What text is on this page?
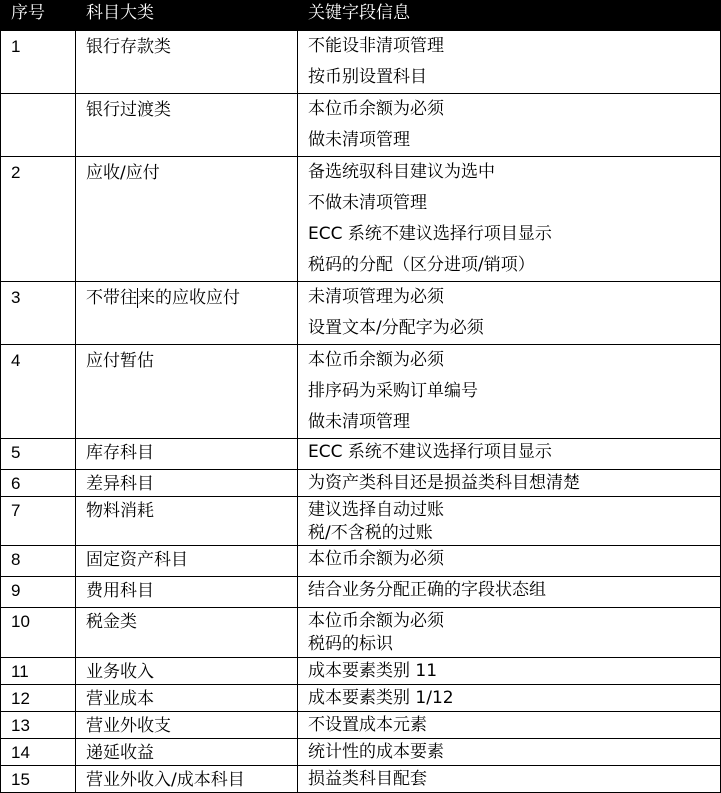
序号	科目大类	关键字段信息
1	银行存款类	不能设非清项管理
按币别设置科目

	银行过渡类	本位币余额为必须
做未清项管理

2	应收/应付	备选统驭科目建议为选中
不做未清项管理
ECC 系统不建议选择行项目显示
税码的分配（区分进项/销项）

3	不带往来的应收应付	未清项管理为必须
设置文本/分配字为必须

4	应付暂估	本位币余额为必须
排序码为采购订单编号
做未清项管理

5	库存科目	ECC 系统不建议选择行项目显示

6	差异科目	为资产类科目还是损益类科目想清楚

7	物料消耗	建议选择自动过账
税/不含税的过账

8	固定资产科目	本位币余额为必须

9	费用科目	结合业务分配正确的字段状态组

10	税金类	本位币余额为必须
税码的标识

11	业务收入	成本要素类别 11

12	营业成本	成本要素类别 1/12

13	营业外收支	不设置成本元素

14	递延收益	统计性的成本要素

15	营业外收入/成本科目	损益类科目配套
